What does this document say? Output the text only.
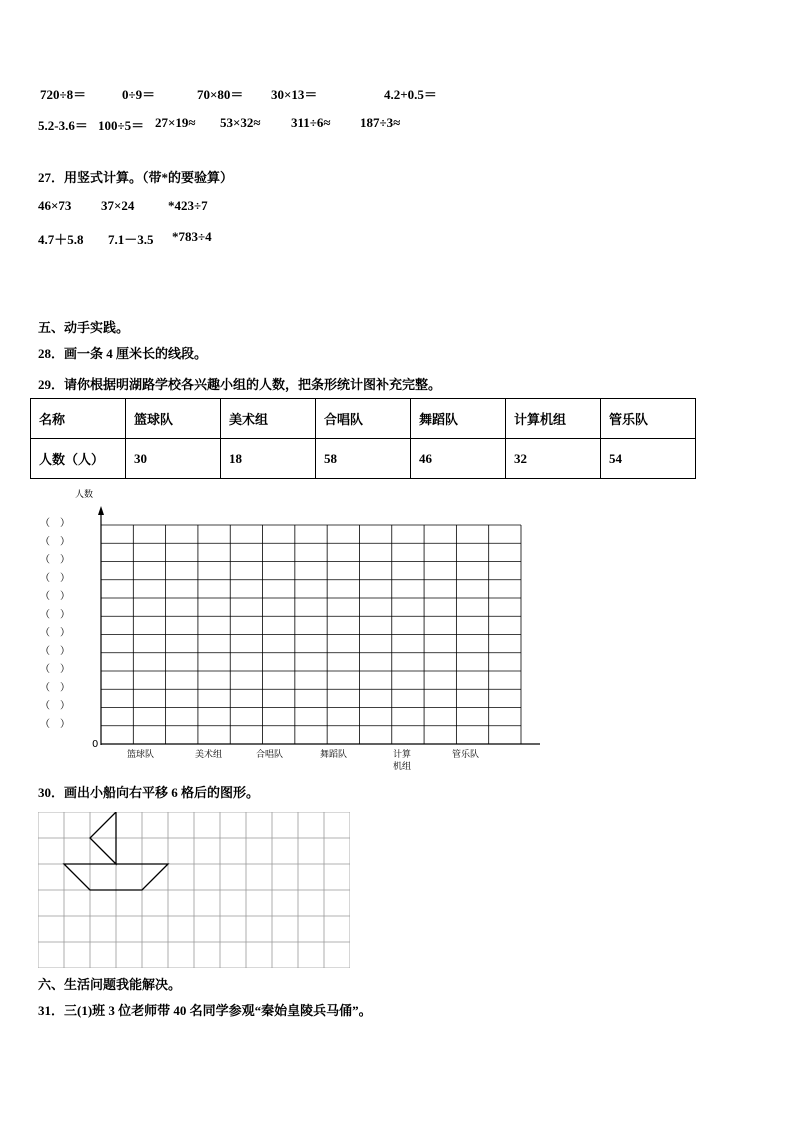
720÷8＝	0÷9＝	70×80＝ 30×13＝	4.2+0.5＝
5.2-3.6＝ 100÷5＝ 27×19≈ 53×32≈ 311÷6≈ 187÷3≈
27．用竖式计算。（带*的要验算）
46×73 37×24	*423÷7
4.7＋5.8 7.1－3.5 *783÷4
五、动手实践。
28．画一条 4 厘米长的线段。
29．请你根据明湖路学校各兴趣小组的人数，把条形统计图补充完整。
名称	篮球队	美术组	合唱队	舞蹈队	计算机组	管乐队
人数（人）	30	18	58	46	32	54
人数
0
（　）
（　）
（　）
（　）
（　）
（　）
（　）
（　）
（　）
（　）
（　）
（　）
篮球队	美术组	合唱队	舞蹈队	计算
机组
管乐队
30．画出小船向右平移 6 格后的图形。
六、生活问题我能解决。
31．三(1)班 3 位老师带 40 名同学参观“秦始皇陵兵马俑”。
